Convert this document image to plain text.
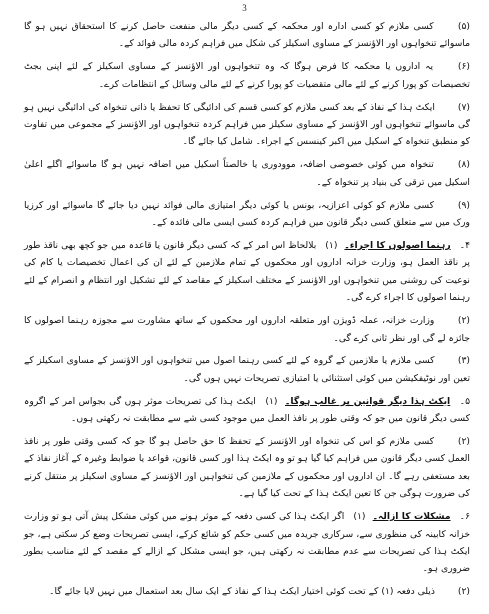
3

(۵) کسی ملازم کو کسی ادارہ اور محکمہ کے کسی دیگر مالی منفعت حاصل کرنے کا استحقاق نہیں ہو گا ماسوائے تنخواہوں اور الاؤنسز کے مساوی اسکیلز کی شکل میں فراہم کردہ مالی فوائد کے۔

(۶) یہ اداروں یا محکمہ کا فرض ہوگا کہ وہ تنخواہوں اور الاؤنسز کے مساوی اسکیلز کے لئے اپنی بجٹ تخصیصات کو پورا کرنے کے لئے مالی متقضیات کو پورا کرنے کے لئے مالی وسائل کے انتظامات کرے۔

(۷) ایکٹ ہذا کے نفاذ کے بعد کسی ملازم کو کسی قسم کی ادائیگی کا تحفظ یا ذاتی تنخواہ کی ادائیگی نہیں ہو گی ماسوائے تنخواہوں اور الاؤنسز کے مساوی سکیلز میں فراہم کردہ تنخواہوں اور الاؤنسز کے مجموعی میں تفاوت کو منطبق تنخواہ کے اسکیل میں اکبر کینسس کے اجراء۔ شامل کیا جائے گا۔

(۸) تنخواہ میں کوئی خصوصی اضافہ، موودوری یا خالصتاً اسکیل میں اضافہ نہیں ہو گا ماسوائے اگلے اعلیٰ اسکیل میں ترقی کی بنیاد پر تنخواہ کے۔

(۹) کسی ملازم کو کوئی اعزازیہ، بونس یا کوئی دیگر امتیازی مالی فوائد نہیں دیا جائے گا ماسوائے اور کرزیا ورک میں سے متعلق کسی دیگر قانون میں فراہم کردہ کسی ایسی مالی فائدہ کے۔

۴۔ رہنما اصولوں کا اجراء۔ (۱) بلالحاظ اس امر کے کہ کسی دیگر قانون یا قاعدہ میں جو کچھ بھی ناقذ طور پر ناقذ العمل ہو، وزارت خزانہ اداروں اور محکموں کے تمام ملازمین کے لئے ان کی اعمال تخصیصات یا کام کی نوعیت کی روشنی میں تنخواہوں اور الاؤنسز کے مختلف اسکیلز کے مقاصد کے لئے تشکیل اور انتظام و انصرام کے لئے رہنما اصولوں کا اجراء کرے گی۔

(۲) وزارت خزانہ، عملہ ڈویژن اور متعلقہ اداروں اور محکموں کے ساتھ مشاورت سے مجوزہ رہنما اصولوں کا جائزہ لے گی اور نظر ثانی کرے گی۔

(۳) کسی ملازم یا ملازمین کے گروہ کے لئے کسی رہنما اصول میں تنخواہوں اور الاؤنسز کے مساوی اسکیلز کے تعین اور نوٹیفکیشن میں کوئی استثنائی یا امتیازی تصریحات نہیں ہوں گی۔

۵۔ ایکٹ ہذا دیگر قوانین پر غالب ہوگا۔ (۱) ایکٹ ہذا کی تصریحات موثر ہوں گی بجواس امر کے اگروہ کسی دیگر قانون میں جو کہ وقتی طور پر نافذ العمل میں موجود کسی شے سے مطابقت نہ رکھتی ہوں۔

(۲) کسی ملازم کو اس کی تنخواہ اور الاؤنسز کے تحفظ کا حق حاصل ہو گا جو کہ کسی وقتی طور پر نافذ العمل کسی دیگر قانون میں فراہم کیا گیا ہو تو وہ ایکٹ ہذا اور کسی قانون، قواعد یا ضوابط وغیرہ کے آغاز نفاذ کے بعد مستعفی رہے گا۔ ان اداروں اور محکموں کے ملازمین کی تنخواہیں اور الاؤنسز کے مساوی اسکیلز پر منتقل کرنے کی ضرورت ہوگی جن کا تعین ایکٹ ہذا کے تحت کیا گیا ہے۔

۶۔ مشکلات کا ازالہ۔ (۱) اگر ایکٹ ہذا کی کسی دفعہ کے موثر ہونے میں کوئی مشکل پیش آتی ہو تو وزارت خزانہ کابینہ کی منظوری سے، سرکاری جریدہ میں کسی حکم کو شائع کرکے، ایسی تصریحات وضع کر سکتی ہے، جو ایکٹ ہذا کی تصریحات سے عدم مطابقت نہ رکھتی ہیں، جو ایسی مشکل کے ازالے کے مقصد کے لئے مناسب بطور ضروری ہو۔

(۲) ذیلی دفعہ (۱) کے تحت کوئی اختیار ایکٹ ہذا کے نفاذ کے ایک سال بعد استعمال میں نہیں لایا جائے گا۔
